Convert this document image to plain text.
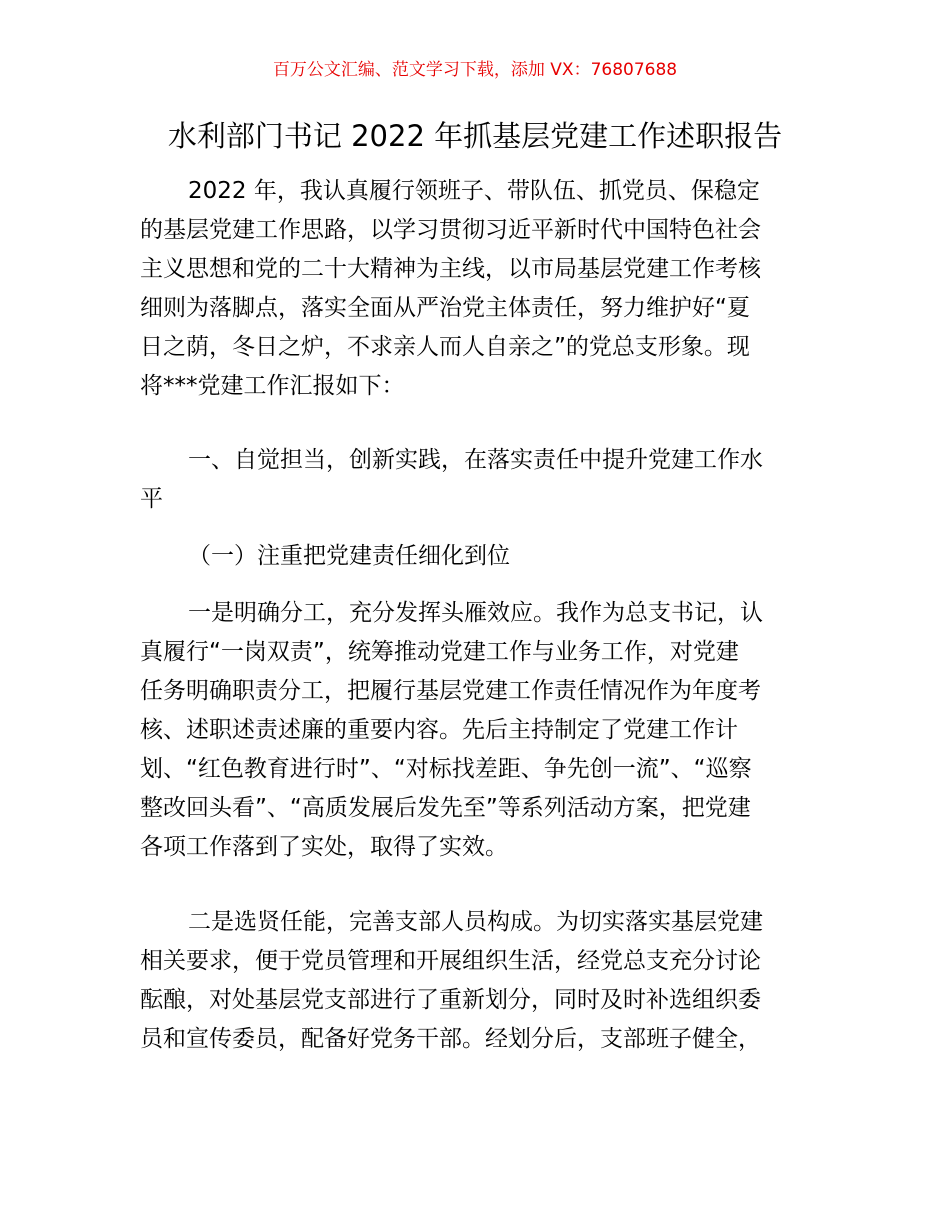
百万公文汇编、范文学习下载，添加 VX：76807688
水利部门书记 2022 年抓基层党建工作述职报告
2022 年，我认真履行领班子、带队伍、抓党员、保稳定
的基层党建工作思路，以学习贯彻习近平新时代中国特色社会
主义思想和党的二十大精神为主线，以市局基层党建工作考核
细则为落脚点，落实全面从严治党主体责任，努力维护好“夏
日之荫，冬日之炉，不求亲人而人自亲之”的党总支形象。现
将***党建工作汇报如下：
一、自觉担当，创新实践，在落实责任中提升党建工作水
平
（一）注重把党建责任细化到位
一是明确分工，充分发挥头雁效应。我作为总支书记，认
真履行“一岗双责”，统筹推动党建工作与业务工作，对党建
任务明确职责分工，把履行基层党建工作责任情况作为年度考
核、述职述责述廉的重要内容。先后主持制定了党建工作计
划、“红色教育进行时”、“对标找差距、争先创一流”、“巡察
整改回头看”、“高质发展后发先至”等系列活动方案，把党建
各项工作落到了实处，取得了实效。
二是选贤任能，完善支部人员构成。为切实落实基层党建
相关要求，便于党员管理和开展组织生活，经党总支充分讨论
酝酿，对处基层党支部进行了重新划分，同时及时补选组织委
员和宣传委员，配备好党务干部。经划分后，支部班子健全，
